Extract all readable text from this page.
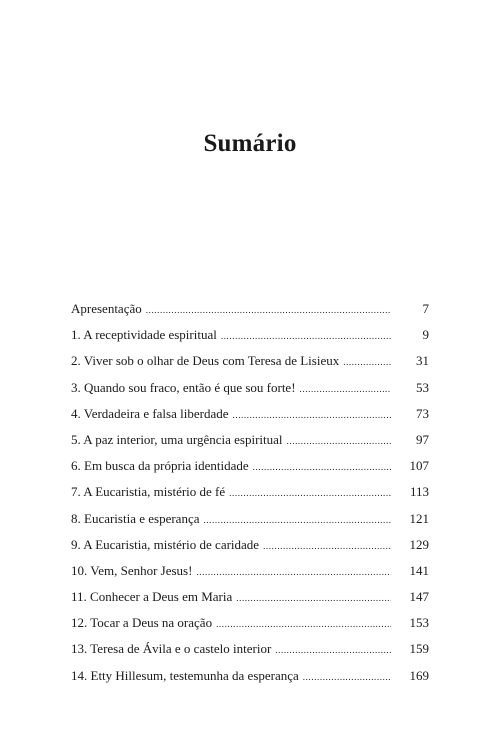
Sumário
Apresentação .....	7
1. A receptividade espiritual .....	9
2. Viver sob o olhar de Deus com Teresa de Lisieux .....	31
3. Quando sou fraco, então é que sou forte! .....	53
4. Verdadeira e falsa liberdade .....	73
5. A paz interior, uma urgência espiritual .....	97
6. Em busca da própria identidade .....	107
7. A Eucaristia, mistério de fé .....	113
8. Eucaristia e esperança .....	121
9. A Eucaristia, mistério de caridade .....	129
10. Vem, Senhor Jesus! .....	141
11. Conhecer a Deus em Maria .....	147
12. Tocar a Deus na oração .....	153
13. Teresa de Ávila e o castelo interior .....	159
14. Etty Hillesum, testemunha da esperança .....	169
